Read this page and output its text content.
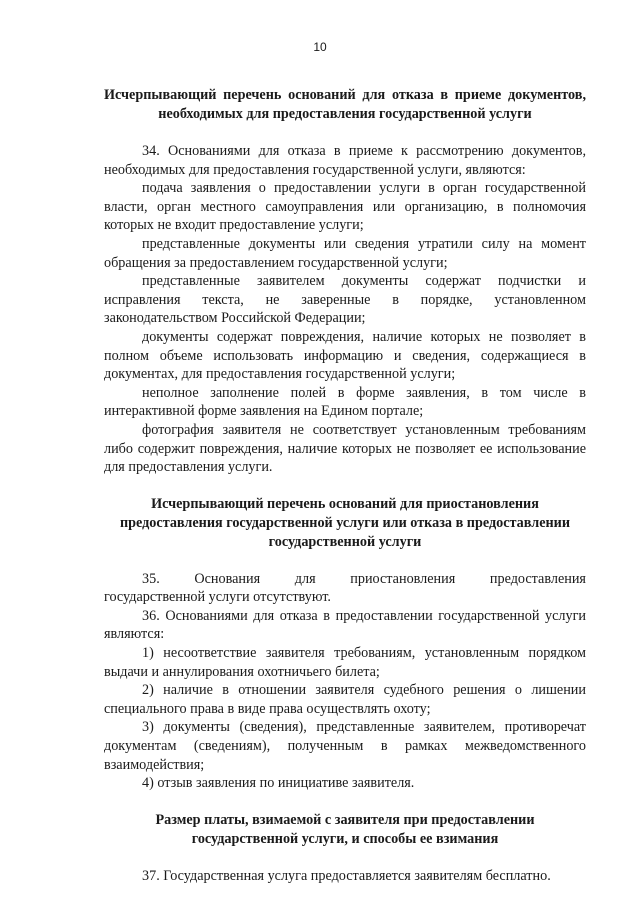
10

Исчерпывающий перечень оснований для отказа в приеме документов, необходимых для предоставления государственной услуги

34. Основаниями для отказа в приеме к рассмотрению документов, необходимых для предоставления государственной услуги, являются:

подача заявления о предоставлении услуги в орган государственной власти, орган местного самоуправления или организацию, в полномочия которых не входит предоставление услуги;

представленные документы или сведения утратили силу на момент обращения за предоставлением государственной услуги;

представленные заявителем документы содержат подчистки и исправления текста, не заверенные в порядке, установленном законодательством Российской Федерации;

документы содержат повреждения, наличие которых не позволяет в полном объеме использовать информацию и сведения, содержащиеся в документах, для предоставления государственной услуги;

неполное заполнение полей в форме заявления, в том числе в интерактивной форме заявления на Едином портале;

фотография заявителя не соответствует установленным требованиям либо содержит повреждения, наличие которых не позволяет ее использование для предоставления услуги.

Исчерпывающий перечень оснований для приостановления

предоставления государственной услуги или отказа в предоставлении

государственной услуги

35. Основания для приостановления предоставления

государственной услуги отсутствуют.

36. Основаниями для отказа в предоставлении государственной услуги являются:

1) несоответствие заявителя требованиям, установленным порядком выдачи и аннулирования охотничьего билета;

2) наличие в отношении заявителя судебного решения о лишении специального права в виде права осуществлять охоту;

3) документы (сведения), представленные заявителем, противоречат документам (сведениям), полученным в рамках межведомственного взаимодействия;

4) отзыв заявления по инициативе заявителя.

Размер платы, взимаемой с заявителя при предоставлении

государственной услуги, и способы ее взимания

37. Государственная услуга предоставляется заявителям бесплатно.
